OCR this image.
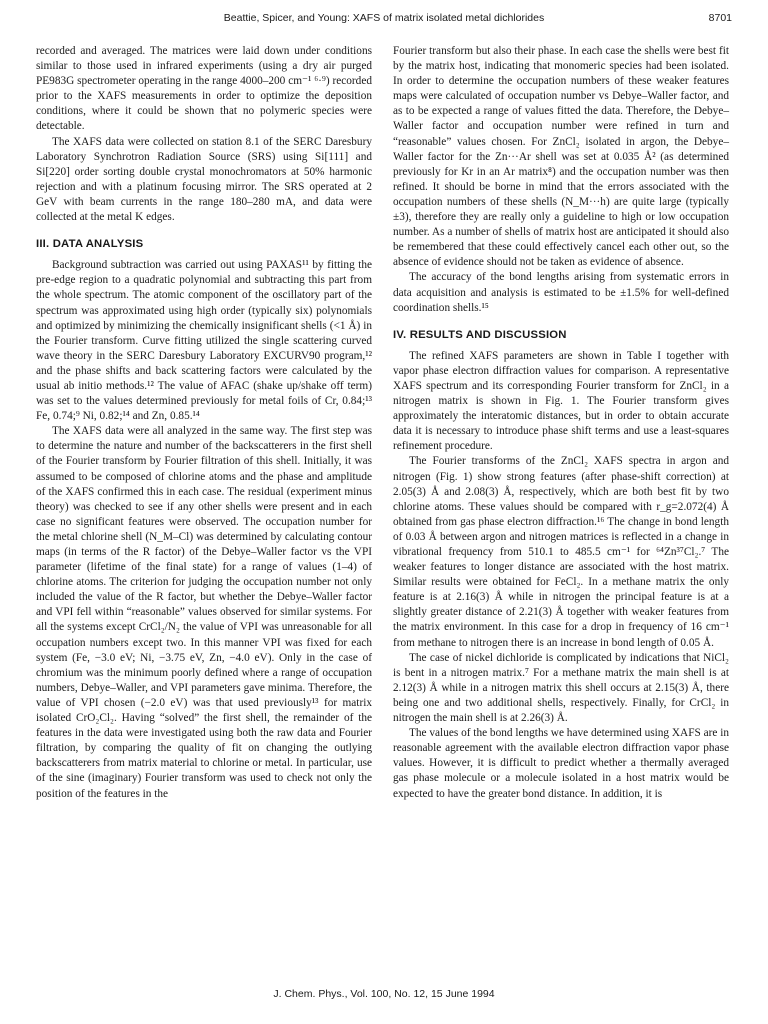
Beattie, Spicer, and Young: XAFS of matrix isolated metal dichlorides	8701

recorded and averaged. The matrices were laid down under conditions similar to those used in infrared experiments (using a dry air purged PE983G spectrometer operating in the range 4000–200 cm⁻¹ ⁶·⁹) recorded prior to the XAFS measurements in order to optimize the deposition conditions, where it could be shown that no polymeric species were detectable.

The XAFS data were collected on station 8.1 of the SERC Daresbury Laboratory Synchrotron Radiation Source (SRS) using Si[111] and Si[220] order sorting double crystal monochromators at 50% harmonic rejection and with a platinum focusing mirror. The SRS operated at 2 GeV with beam currents in the range 180–280 mA, and data were collected at the metal K edges.

III. DATA ANALYSIS

Background subtraction was carried out using PAXAS¹¹ by fitting the pre-edge region to a quadratic polynomial and subtracting this part from the whole spectrum. The atomic component of the oscillatory part of the spectrum was approximated using high order (typically six) polynomials and optimized by minimizing the chemically insignificant shells (<1 Å) in the Fourier transform. Curve fitting utilized the single scattering curved wave theory in the SERC Daresbury Laboratory EXCURV90 program,¹² and the phase shifts and back scattering factors were calculated by the usual ab initio methods.¹² The value of AFAC (shake up/shake off term) was set to the values determined previously for metal foils of Cr, 0.84;¹³ Fe, 0.74;⁹ Ni, 0.82;¹⁴ and Zn, 0.85.¹⁴

The XAFS data were all analyzed in the same way. The first step was to determine the nature and number of the backscatterers in the first shell of the Fourier transform by Fourier filtration of this shell. Initially, it was assumed to be composed of chlorine atoms and the phase and amplitude of the XAFS confirmed this in each case. The residual (experiment minus theory) was checked to see if any other shells were present and in each case no significant features were observed. The occupation number for the metal chlorine shell (N_M–Cl) was determined by calculating contour maps (in terms of the R factor) of the Debye–Waller factor vs the VPI parameter (lifetime of the final state) for a range of values (1–4) of chlorine atoms. The criterion for judging the occupation number not only included the value of the R factor, but whether the Debye–Waller factor and VPI fell within “reasonable” values observed for similar systems. For all the systems except CrCl₂/N₂ the value of VPI was unreasonable for all occupation numbers except two. In this manner VPI was fixed for each system (Fe, −3.0 eV; Ni, −3.75 eV, Zn, −4.0 eV). Only in the case of chromium was the minimum poorly defined where a range of occupation numbers, Debye–Waller, and VPI parameters gave minima. Therefore, the value of VPI chosen (−2.0 eV) was that used previously¹³ for matrix isolated CrO₂Cl₂. Having “solved” the first shell, the remainder of the features in the data were investigated using both the raw data and Fourier filtration, by comparing the quality of fit on changing the outlying backscatterers from matrix material to chlorine or metal. In particular, use of the sine (imaginary) Fourier transform was used to check not only the position of the features in the

Fourier transform but also their phase. In each case the shells were best fit by the matrix host, indicating that monomeric species had been isolated. In order to determine the occupation numbers of these weaker features maps were calculated of occupation number vs Debye–Waller factor, and as to be expected a range of values fitted the data. Therefore, the Debye–Waller factor and occupation number were refined in turn and “reasonable” values chosen. For ZnCl₂ isolated in argon, the Debye–Waller factor for the Zn···Ar shell was set at 0.035 Å² (as determined previously for Kr in an Ar matrix⁸) and the occupation number was then refined. It should be borne in mind that the errors associated with the occupation numbers of these shells (N_M···h) are quite large (typically ±3), therefore they are really only a guideline to high or low occupation number. As a number of shells of matrix host are anticipated it should also be remembered that these could effectively cancel each other out, so the absence of evidence should not be taken as evidence of absence.

The accuracy of the bond lengths arising from systematic errors in data acquisition and analysis is estimated to be ±1.5% for well-defined coordination shells.¹⁵

IV. RESULTS AND DISCUSSION

The refined XAFS parameters are shown in Table I together with vapor phase electron diffraction values for comparison. A representative XAFS spectrum and its corresponding Fourier transform for ZnCl₂ in a nitrogen matrix is shown in Fig. 1. The Fourier transform gives approximately the interatomic distances, but in order to obtain accurate data it is necessary to introduce phase shift terms and use a least-squares refinement procedure.

The Fourier transforms of the ZnCl₂ XAFS spectra in argon and nitrogen (Fig. 1) show strong features (after phase-shift correction) at 2.05(3) Å and 2.08(3) Å, respectively, which are both best fit by two chlorine atoms. These values should be compared with r_g=2.072(4) Å obtained from gas phase electron diffraction.¹⁶ The change in bond length of 0.03 Å between argon and nitrogen matrices is reflected in a change in vibrational frequency from 510.1 to 485.5 cm⁻¹ for ⁶⁴Zn³⁷Cl₂.⁷ The weaker features to longer distance are associated with the host matrix. Similar results were obtained for FeCl₂. In a methane matrix the only feature is at 2.16(3) Å while in nitrogen the principal feature is at a slightly greater distance of 2.21(3) Å together with weaker features from the matrix environment. In this case for a drop in frequency of 16 cm⁻¹ from methane to nitrogen there is an increase in bond length of 0.05 Å.

The case of nickel dichloride is complicated by indications that NiCl₂ is bent in a nitrogen matrix.⁷ For a methane matrix the main shell is at 2.12(3) Å while in a nitrogen matrix this shell occurs at 2.15(3) Å, there being one and two additional shells, respectively. Finally, for CrCl₂ in nitrogen the main shell is at 2.26(3) Å.

The values of the bond lengths we have determined using XAFS are in reasonable agreement with the available electron diffraction vapor phase values. However, it is difficult to predict whether a thermally averaged gas phase molecule or a molecule isolated in a host matrix would be expected to have the greater bond distance. In addition, it is

J. Chem. Phys., Vol. 100, No. 12, 15 June 1994
